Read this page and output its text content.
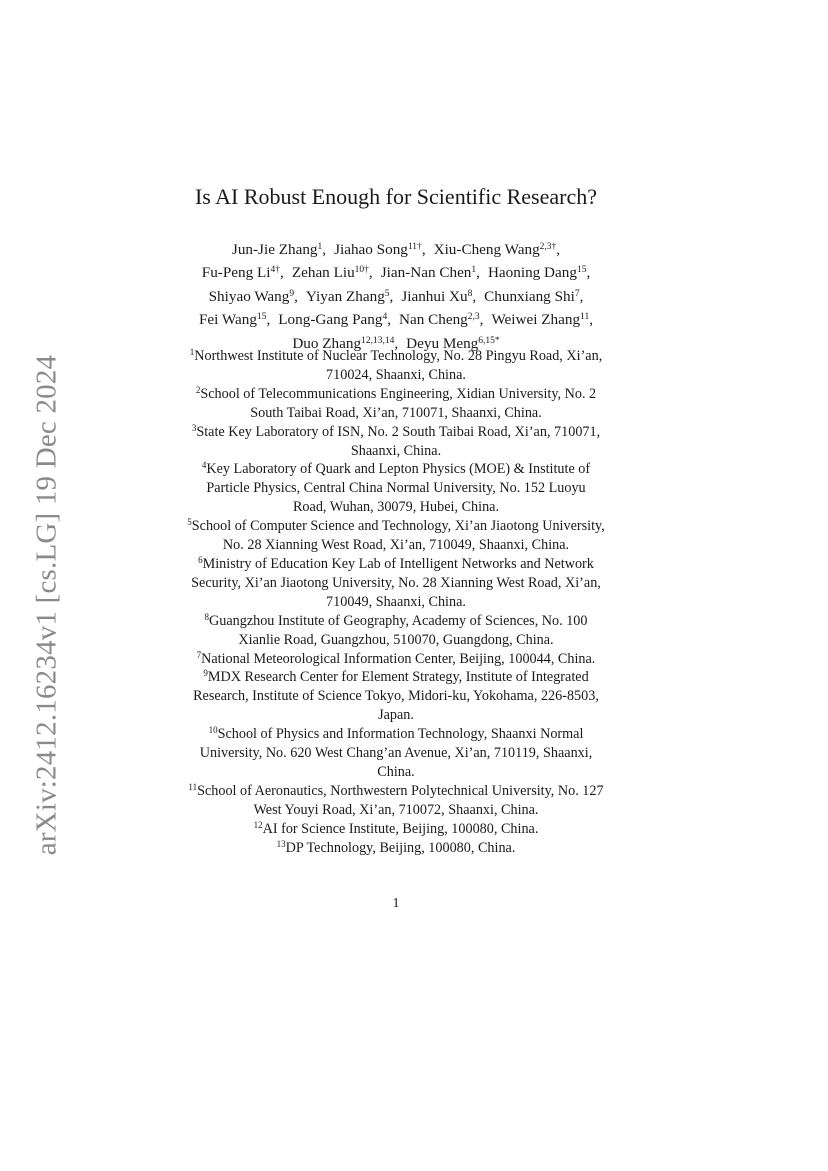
arXiv:2412.16234v1 [cs.LG] 19 Dec 2024
Is AI Robust Enough for Scientific Research?
Jun-Jie Zhang$^1$, Jiahao Song$^{11\dagger}$, Xiu-Cheng Wang$^{2,3\dagger}$,
Fu-Peng $Li^{4\dagger}$, Zehan Liu$^{10\dagger}$, Jian-Nan Chen$^1$, Haoning Dang$^{15}$,
Shiyao Wang$^9$, Yiyan Zhang$^5$, Jianhui Xu$^8$, Chunxiang Shi$^7$,
Fei Wang$^{15}$, Long-Gang Pang$^4$, Nan Cheng$^{2,3}$, Weiwei Zhang$^{11}$,
Duo Zhang$^{12,13,14}$, Deyu Meng$^{6,15*}$
$^1$Northwest Institute of Nuclear Technology, No. 28 Pingyu Road, Xi’an,
710024, Shaanxi, China.
$^2$School of Telecommunications Engineering, Xidian University, No. 2
South Taibai Road, Xi’an, 710071, Shaanxi, China.
$^3$State Key Laboratory of ISN, No. 2 South Taibai Road, Xi’an, 710071,
Shaanxi, China.
$^4$Key Laboratory of Quark and Lepton Physics (MOE) & Institute of
Particle Physics, Central China Normal University, No. 152 Luoyu
Road, Wuhan, 30079, Hubei, China.
$^5$School of Computer Science and Technology, Xi’an Jiaotong University,
No. 28 Xianning West Road, Xi’an, 710049, Shaanxi, China.
$^6$Ministry of Education Key Lab of Intelligent Networks and Network
Security, Xi’an Jiaotong University, No. 28 Xianning West Road, Xi’an,
710049, Shaanxi, China.
$^8$Guangzhou Institute of Geography, Academy of Sciences, No. 100
Xianlie Road, Guangzhou, 510070, Guangdong, China.
$^7$National Meteorological Information Center, Beijing, 100044, China.
$^9$MDX Research Center for Element Strategy, Institute of Integrated
Research, Institute of Science Tokyo, Midori-ku, Yokohama, 226-8503,
Japan.
$^{10}$School of Physics and Information Technology, Shaanxi Normal
University, No. 620 West Chang’an Avenue, Xi’an, 710119, Shaanxi,
China.
$^{11}$School of Aeronautics, Northwestern Polytechnical University, No. 127
West Youyi Road, Xi’an, 710072, Shaanxi, China.
$^{12}$AI for Science Institute, Beijing, 100080, China.
$^{13}$DP Technology, Beijing, 100080, China.
1
